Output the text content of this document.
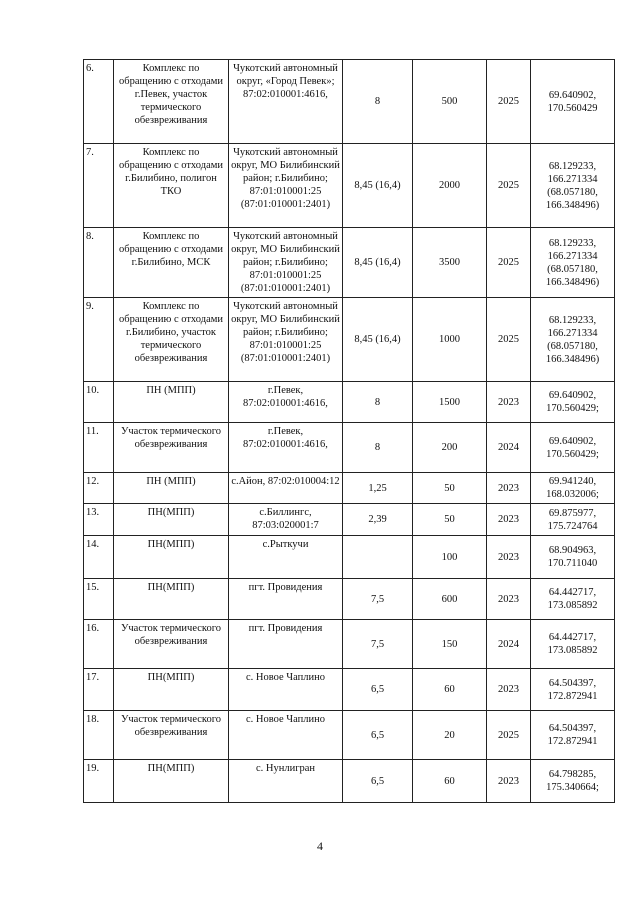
6.	Комплекс по обращению с отходами г.Певек, участок термического обезвреживания	Чукотский автономный округ, «Город Певек»; 87:02:010001:4616,	8	500	2025	69.640902, 170.560429
7.	Комплекс по обращению с отходами г.Билибино, полигон ТКО	Чукотский автономный округ, МО Билибинский район; г.Билибино; 87:01:010001:25 (87:01:010001:2401)	8,45 (16,4)	2000	2025	68.129233, 166.271334 (68.057180, 166.348496)
8.	Комплекс по обращению с отходами г.Билибино, МСК	Чукотский автономный округ, МО Билибинский район; г.Билибино; 87:01:010001:25 (87:01:010001:2401)	8,45 (16,4)	3500	2025	68.129233, 166.271334 (68.057180, 166.348496)
9.	Комплекс по обращению с отходами г.Билибино, участок термического обезвреживания	Чукотский автономный округ, МО Билибинский район; г.Билибино; 87:01:010001:25 (87:01:010001:2401)	8,45 (16,4)	1000	2025	68.129233, 166.271334 (68.057180, 166.348496)
10.	ПН (МПП)	г.Певек, 87:02:010001:4616,	8	1500	2023	69.640902, 170.560429;
11.	Участок термического обезвреживания	г.Певек, 87:02:010001:4616,	8	200	2024	69.640902, 170.560429;
12.	ПН (МПП)	с.Айон, 87:02:010004:12	1,25	50	2023	69.941240, 168.032006;
13.	ПН(МПП)	с.Биллингс, 87:03:020001:7	2,39	50	2023	69.875977, 175.724764
14.	ПН(МПП)	с.Рыткучи		100	2023	68.904963, 170.711040
15.	ПН(МПП)	пгт. Провидения	7,5	600	2023	64.442717, 173.085892
16.	Участок термического обезвреживания	пгт. Провидения	7,5	150	2024	64.442717, 173.085892
17.	ПН(МПП)	с. Новое Чаплино	6,5	60	2023	64.504397, 172.872941
18.	Участок термического обезвреживания	с. Новое Чаплино	6,5	20	2025	64.504397, 172.872941
19.	ПН(МПП)	с. Нунлигран	6,5	60	2023	64.798285, 175.340664;
4
